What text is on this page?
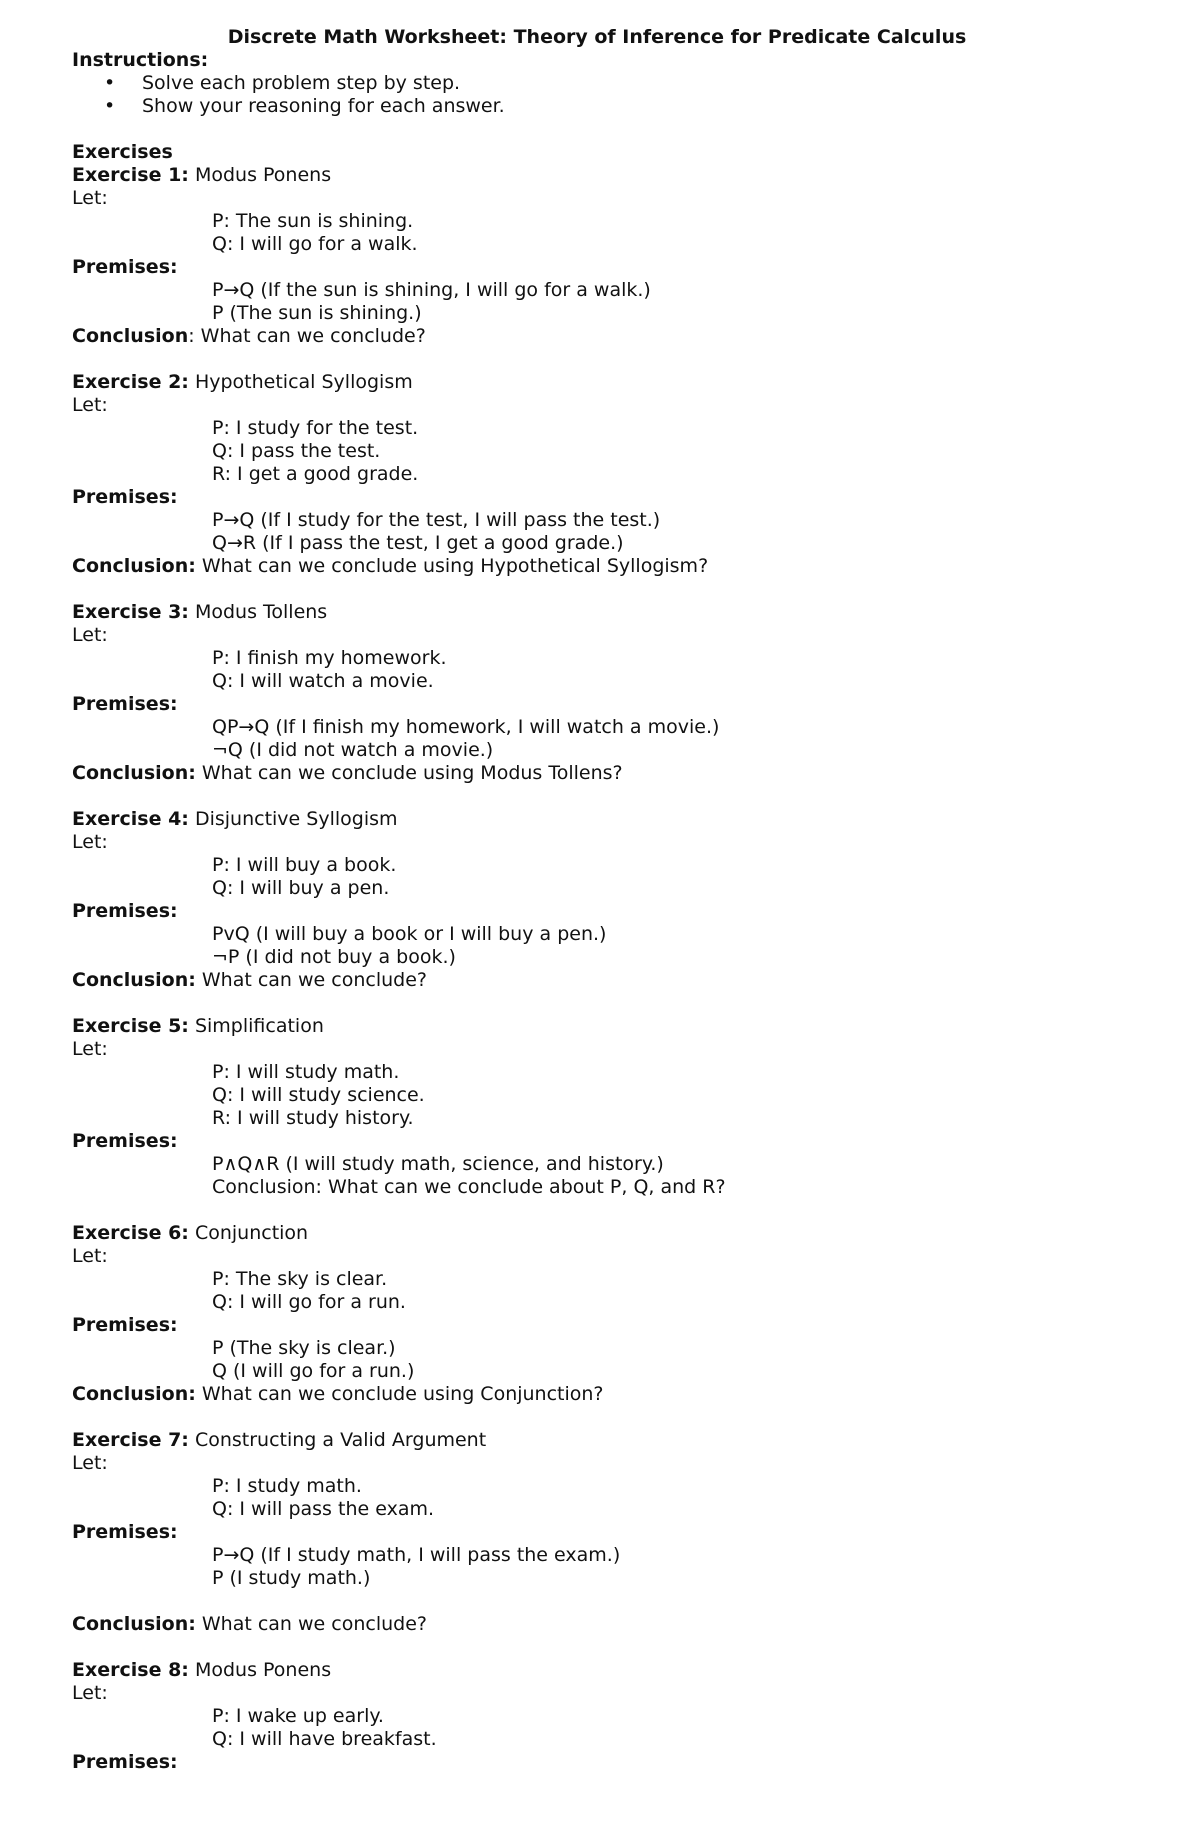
Discrete Math Worksheet: Theory of Inference for Predicate Calculus
Instructions:
• Solve each problem step by step.
• Show your reasoning for each answer.
Exercises
Exercise 1: Modus Ponens
Let:
P: The sun is shining.
Q: I will go for a walk.
Premises:
P→Q (If the sun is shining, I will go for a walk.)
P (The sun is shining.)
Conclusion: What can we conclude?
Exercise 2: Hypothetical Syllogism
Let:
P: I study for the test.
Q: I pass the test.
R: I get a good grade.
Premises:
P→Q (If I study for the test, I will pass the test.)
Q→R (If I pass the test, I get a good grade.)
Conclusion: What can we conclude using Hypothetical Syllogism?
Exercise 3: Modus Tollens
Let:
P: I finish my homework.
Q: I will watch a movie.
Premises:
QP→Q (If I finish my homework, I will watch a movie.)
¬Q (I did not watch a movie.)
Conclusion: What can we conclude using Modus Tollens?
Exercise 4: Disjunctive Syllogism
Let:
P: I will buy a book.
Q: I will buy a pen.
Premises:
PvQ (I will buy a book or I will buy a pen.)
¬P (I did not buy a book.)
Conclusion: What can we conclude?
Exercise 5: Simplification
Let:
P: I will study math.
Q: I will study science.
R: I will study history.
Premises:
P∧Q∧R (I will study math, science, and history.)
Conclusion: What can we conclude about P, Q, and R?
Exercise 6: Conjunction
Let:
P: The sky is clear.
Q: I will go for a run.
Premises:
P (The sky is clear.)
Q (I will go for a run.)
Conclusion: What can we conclude using Conjunction?
Exercise 7: Constructing a Valid Argument
Let:
P: I study math.
Q: I will pass the exam.
Premises:
P→Q (If I study math, I will pass the exam.)
P (I study math.)
Conclusion: What can we conclude?
Exercise 8: Modus Ponens
Let:
P: I wake up early.
Q: I will have breakfast.
Premises:
